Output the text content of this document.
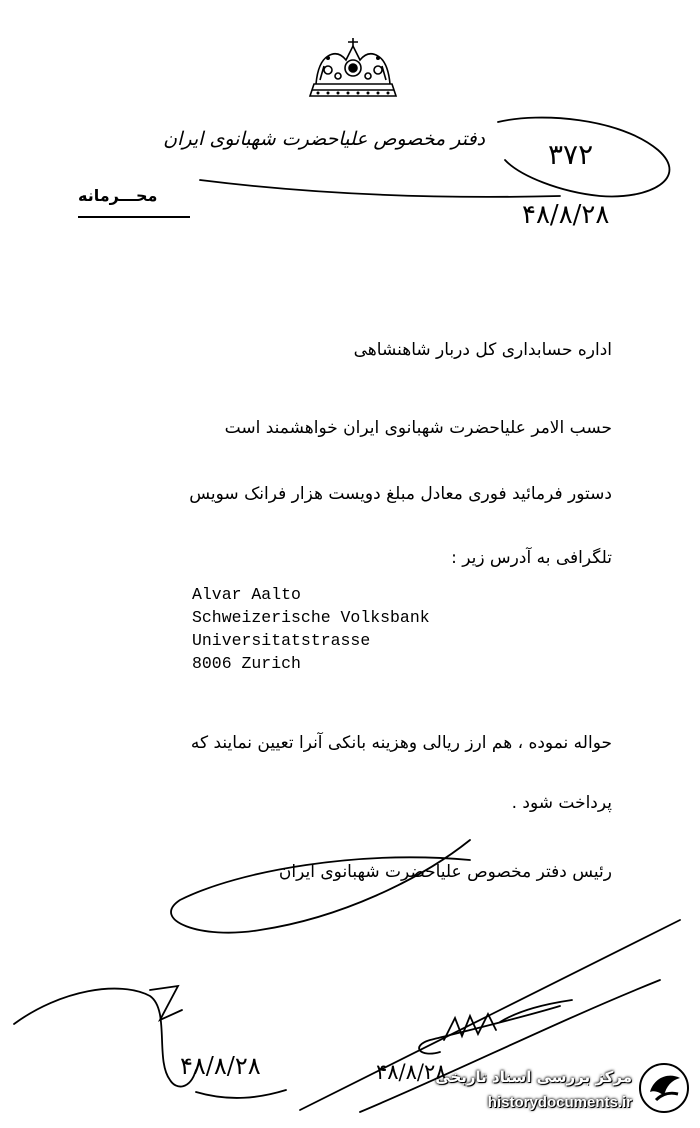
دفتر مخصوص علیاحضرت شهبانوی ایران
محـــرمانه
۳۷۲
۴۸/۸/۲۸
اداره حسابداری کل دربار شاهنشاهی
حسب الامر علیاحضرت شهبانوی ایران خواهشمند است
دستور فرمائید فوری معادل مبلغ دویست هزار فرانک سویس
تلگرافی به آدرس زیر :
Alvar Aalto
Schweizerische Volksbank
Universitatstrasse
8006 Zurich
حواله نموده ، هم ارز ریالی وهزینه بانکی آنرا تعیین نمایند که
پرداخت شود .
رئیس دفتر مخصوص علیاحضرت شهبانوی ایران
۴۸/۸/۲۸	۴۸/۸/۲۸
مرکز بررسی اسناد تاریخی
historydocuments.ir
